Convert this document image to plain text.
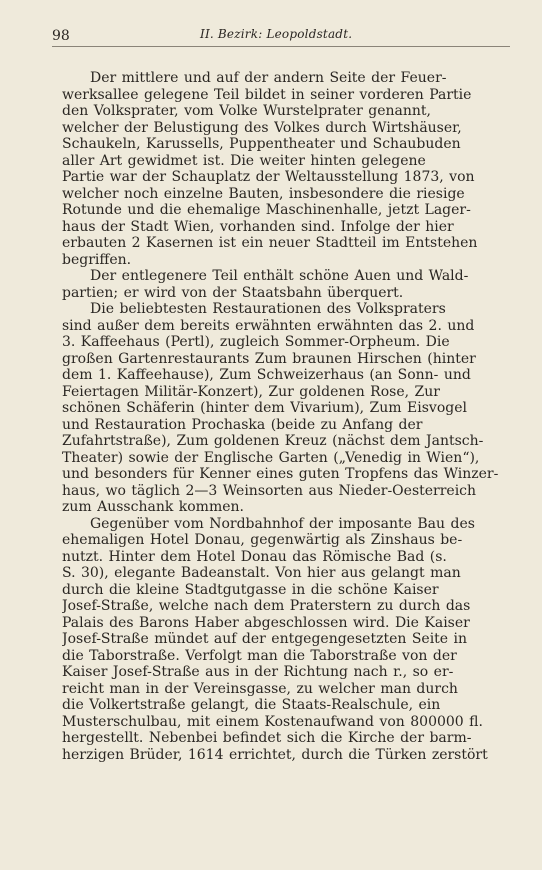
98	II. Bezirk: Leopoldstadt.
Der mittlere und auf der andern Seite der Feuer-
werksallee gelegene Teil bildet in seiner vorderen Partie
den Volksprater, vom Volke Wurstelprater genannt,
welcher der Belustigung des Volkes durch Wirtshäuser,
Schaukeln, Karussells, Puppentheater und Schaubuden
aller Art gewidmet ist. Die weiter hinten gelegene
Partie war der Schauplatz der Weltausstellung 1873, von
welcher noch einzelne Bauten, insbesondere die riesige
Rotunde und die ehemalige Maschinenhalle, jetzt Lager-
haus der Stadt Wien, vorhanden sind. Infolge der hier
erbauten 2 Kasernen ist ein neuer Stadtteil im Entstehen
begriffen.
Der entlegenere Teil enthält schöne Auen und Wald-
partien; er wird von der Staatsbahn überquert.
Die beliebtesten Restaurationen des Volkspraters
sind außer dem bereits erwähnten erwähnten das 2. und
3. Kaffeehaus (Pertl), zugleich Sommer-Orpheum. Die
großen Gartenrestaurants Zum braunen Hirschen (hinter
dem 1. Kaffeehause), Zum Schweizerhaus (an Sonn- und
Feiertagen Militär-Konzert), Zur goldenen Rose, Zur
schönen Schäferin (hinter dem Vivarium), Zum Eisvogel
und Restauration Prochaska (beide zu Anfang der
Zufahrtstraße), Zum goldenen Kreuz (nächst dem Jantsch-
Theater) sowie der Englische Garten („Venedig in Wien“),
und besonders für Kenner eines guten Tropfens das Winzer-
haus, wo täglich 2—3 Weinsorten aus Nieder-Oesterreich
zum Ausschank kommen.
Gegenüber vom Nordbahnhof der imposante Bau des
ehemaligen Hotel Donau, gegenwärtig als Zinshaus be-
nutzt. Hinter dem Hotel Donau das Römische Bad (s.
S. 30), elegante Badeanstalt. Von hier aus gelangt man
durch die kleine Stadtgutgasse in die schöne Kaiser
Josef-Straße, welche nach dem Praterstern zu durch das
Palais des Barons Haber abgeschlossen wird. Die Kaiser
Josef-Straße mündet auf der entgegengesetzten Seite in
die Taborstraße. Verfolgt man die Taborstraße von der
Kaiser Josef-Straße aus in der Richtung nach r., so er-
reicht man in der Vereinsgasse, zu welcher man durch
die Volkertstraße gelangt, die Staats-Realschule, ein
Musterschulbau, mit einem Kostenaufwand von 800000 fl.
hergestellt. Nebenbei befindet sich die Kirche der barm-
herzigen Brüder, 1614 errichtet, durch die Türken zerstört
